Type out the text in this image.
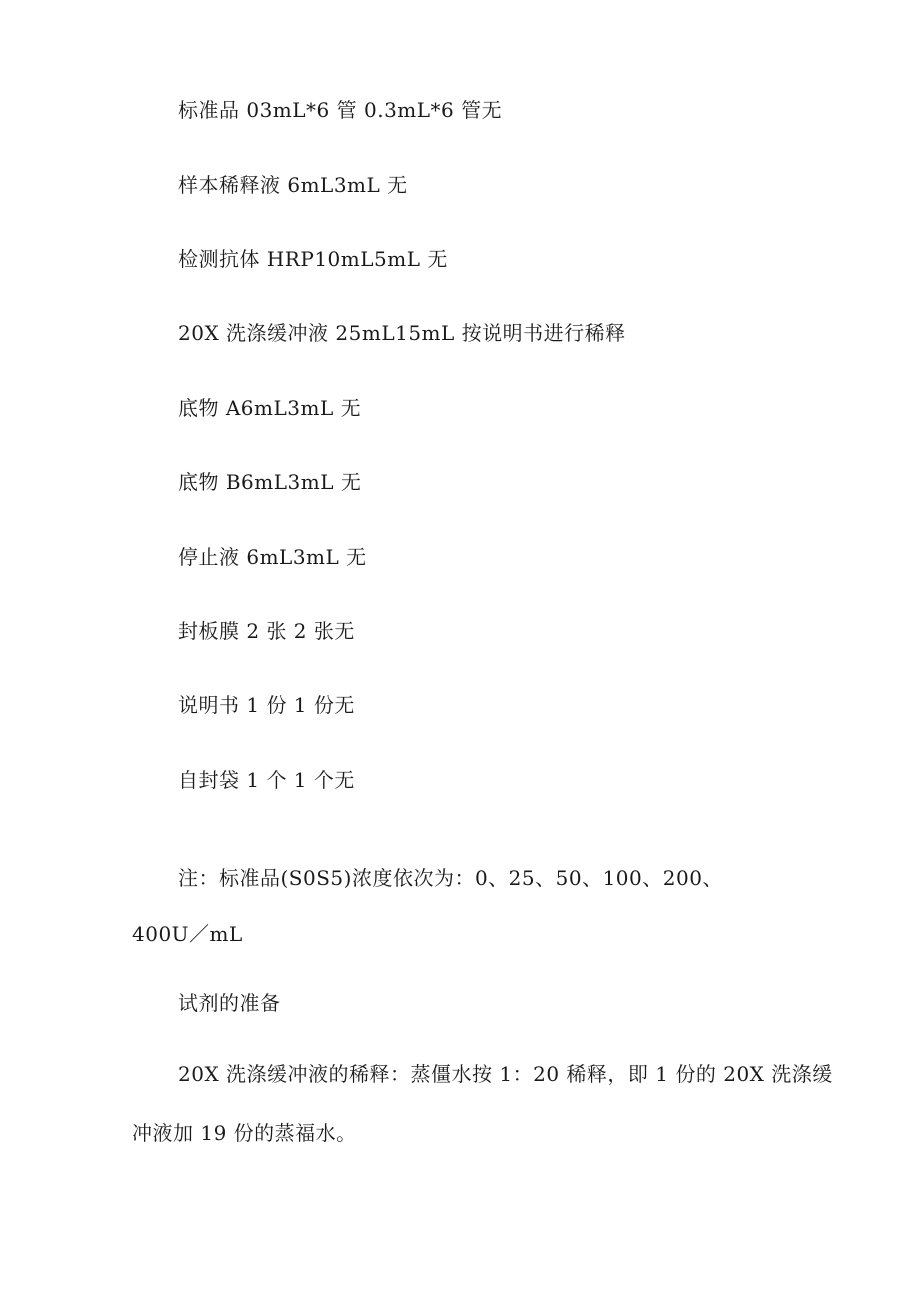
标准品 03mL*6 管 0.3mL*6 管无
样本稀释液 6mL3mL 无
检测抗体 HRP10mL5mL 无
20X 洗涤缓冲液 25mL15mL 按说明书进行稀释
底物 A6mL3mL 无
底物 B6mL3mL 无
停止液 6mL3mL 无
封板膜 2 张 2 张无
说明书 1 份 1 份无
自封袋 1 个 1 个无
注：标准品(S0S5)浓度依次为：0、25、50、100、200、
400U／mL
试剂的准备
20X 洗涤缓冲液的稀释：蒸僵水按 1：20 稀释，即 1 份的 20X 洗涤缓
冲液加 19 份的蒸福水。
